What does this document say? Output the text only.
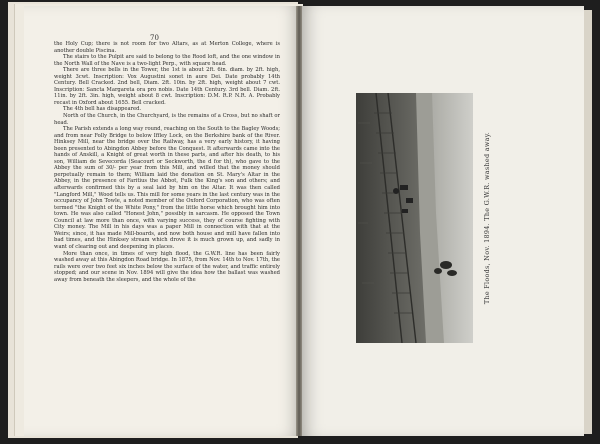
70

the Holy Cup; there is not room for two Altars, as at Merton College, where is another double Piscina.

The stairs to the Pulpit are said to belong to the Rood loft, and the one window in the North Wall of the Nave is a two-light Perp., with square head.

There are three bells in the Tower, the 1st is about 2ft. 6in. diam. by 2ft. high, weight 3cwt. Inscription: Vox Augustini sonet in aure Dei. Date probably 14th Century. Bell Cracked. 2nd bell, Diam. 2ft. 10in. by 2ft. high, weight about 7 cwt. Inscription: Sancta Margareta ora pro nobis. Date 14th Century. 3rd bell. Diam. 2ft. 11in. by 2ft. 3in. high, weight about 8 cwt. Inscription: D.M. R.P. N.R. A. Probably recast in Oxford about 1655. Bell cracked.

The 4th bell has disappeared.

North of the Church, in the Churchyard, is the remains of a Cross, but no shaft or head.

The Parish extends a long way round, reaching on the South to the Bagley Woods; and from near Folly Bridge to below Iffley Lock, on the Berkshire bank of the River. Hinksey Mill, near the bridge over the Railway, has a very early history, it having been presented to Abingdon Abbey before the Conquest. It afterwards came into the hands of Anskill, a Knight of great worth in these parts, and after his death, to his son, William de Sevecorda (Seacourt or Seckworth, the d for th), who gave to the Abbey the sum of 30/- per year from this Mill, and willed that the money should perpetually remain to them; William laid the donation on St. Mary's Altar in the Abbey, in the presence of Faritius the Abbot, Fulk the King's son and others; and afterwards confirmed this by a seal laid by him on the Altar. It was then called "Langford Mill," Wood tells us. This mill for some years in the last century was in the occupancy of John Towle, a noted member of the Oxford Corporation, who was often termed "the Knight of the White Pony," from the little horse which brought him into town. He was also called "Honest John," possibly in sarcasm. He opposed the Town Council at law more than once, with varying success, they of course fighting with City money. The Mill in his days was a paper Mill in connection with that at the Weirs; since, it has made Mill-boards, and now both house and mill have fallen into bad times, and the Hinksey stream which drove it is much grown up, and sadly in want of clearing out and deepening in places.

More than once, in times of very high flood, the G.W.R. line has been fairly washed away at this Abingdon Road bridge. In 1875, from Nov. 14th to Nov. 17th, the rails were over two feet six inches below the surface of the water, and traffic entirely stopped; and our scene in Nov. 1894 will give the idea how the ballast was washed away from beneath the sleepers, and the whole of the	The Floods, Nov. 1894. The G.W.R. washed away.
